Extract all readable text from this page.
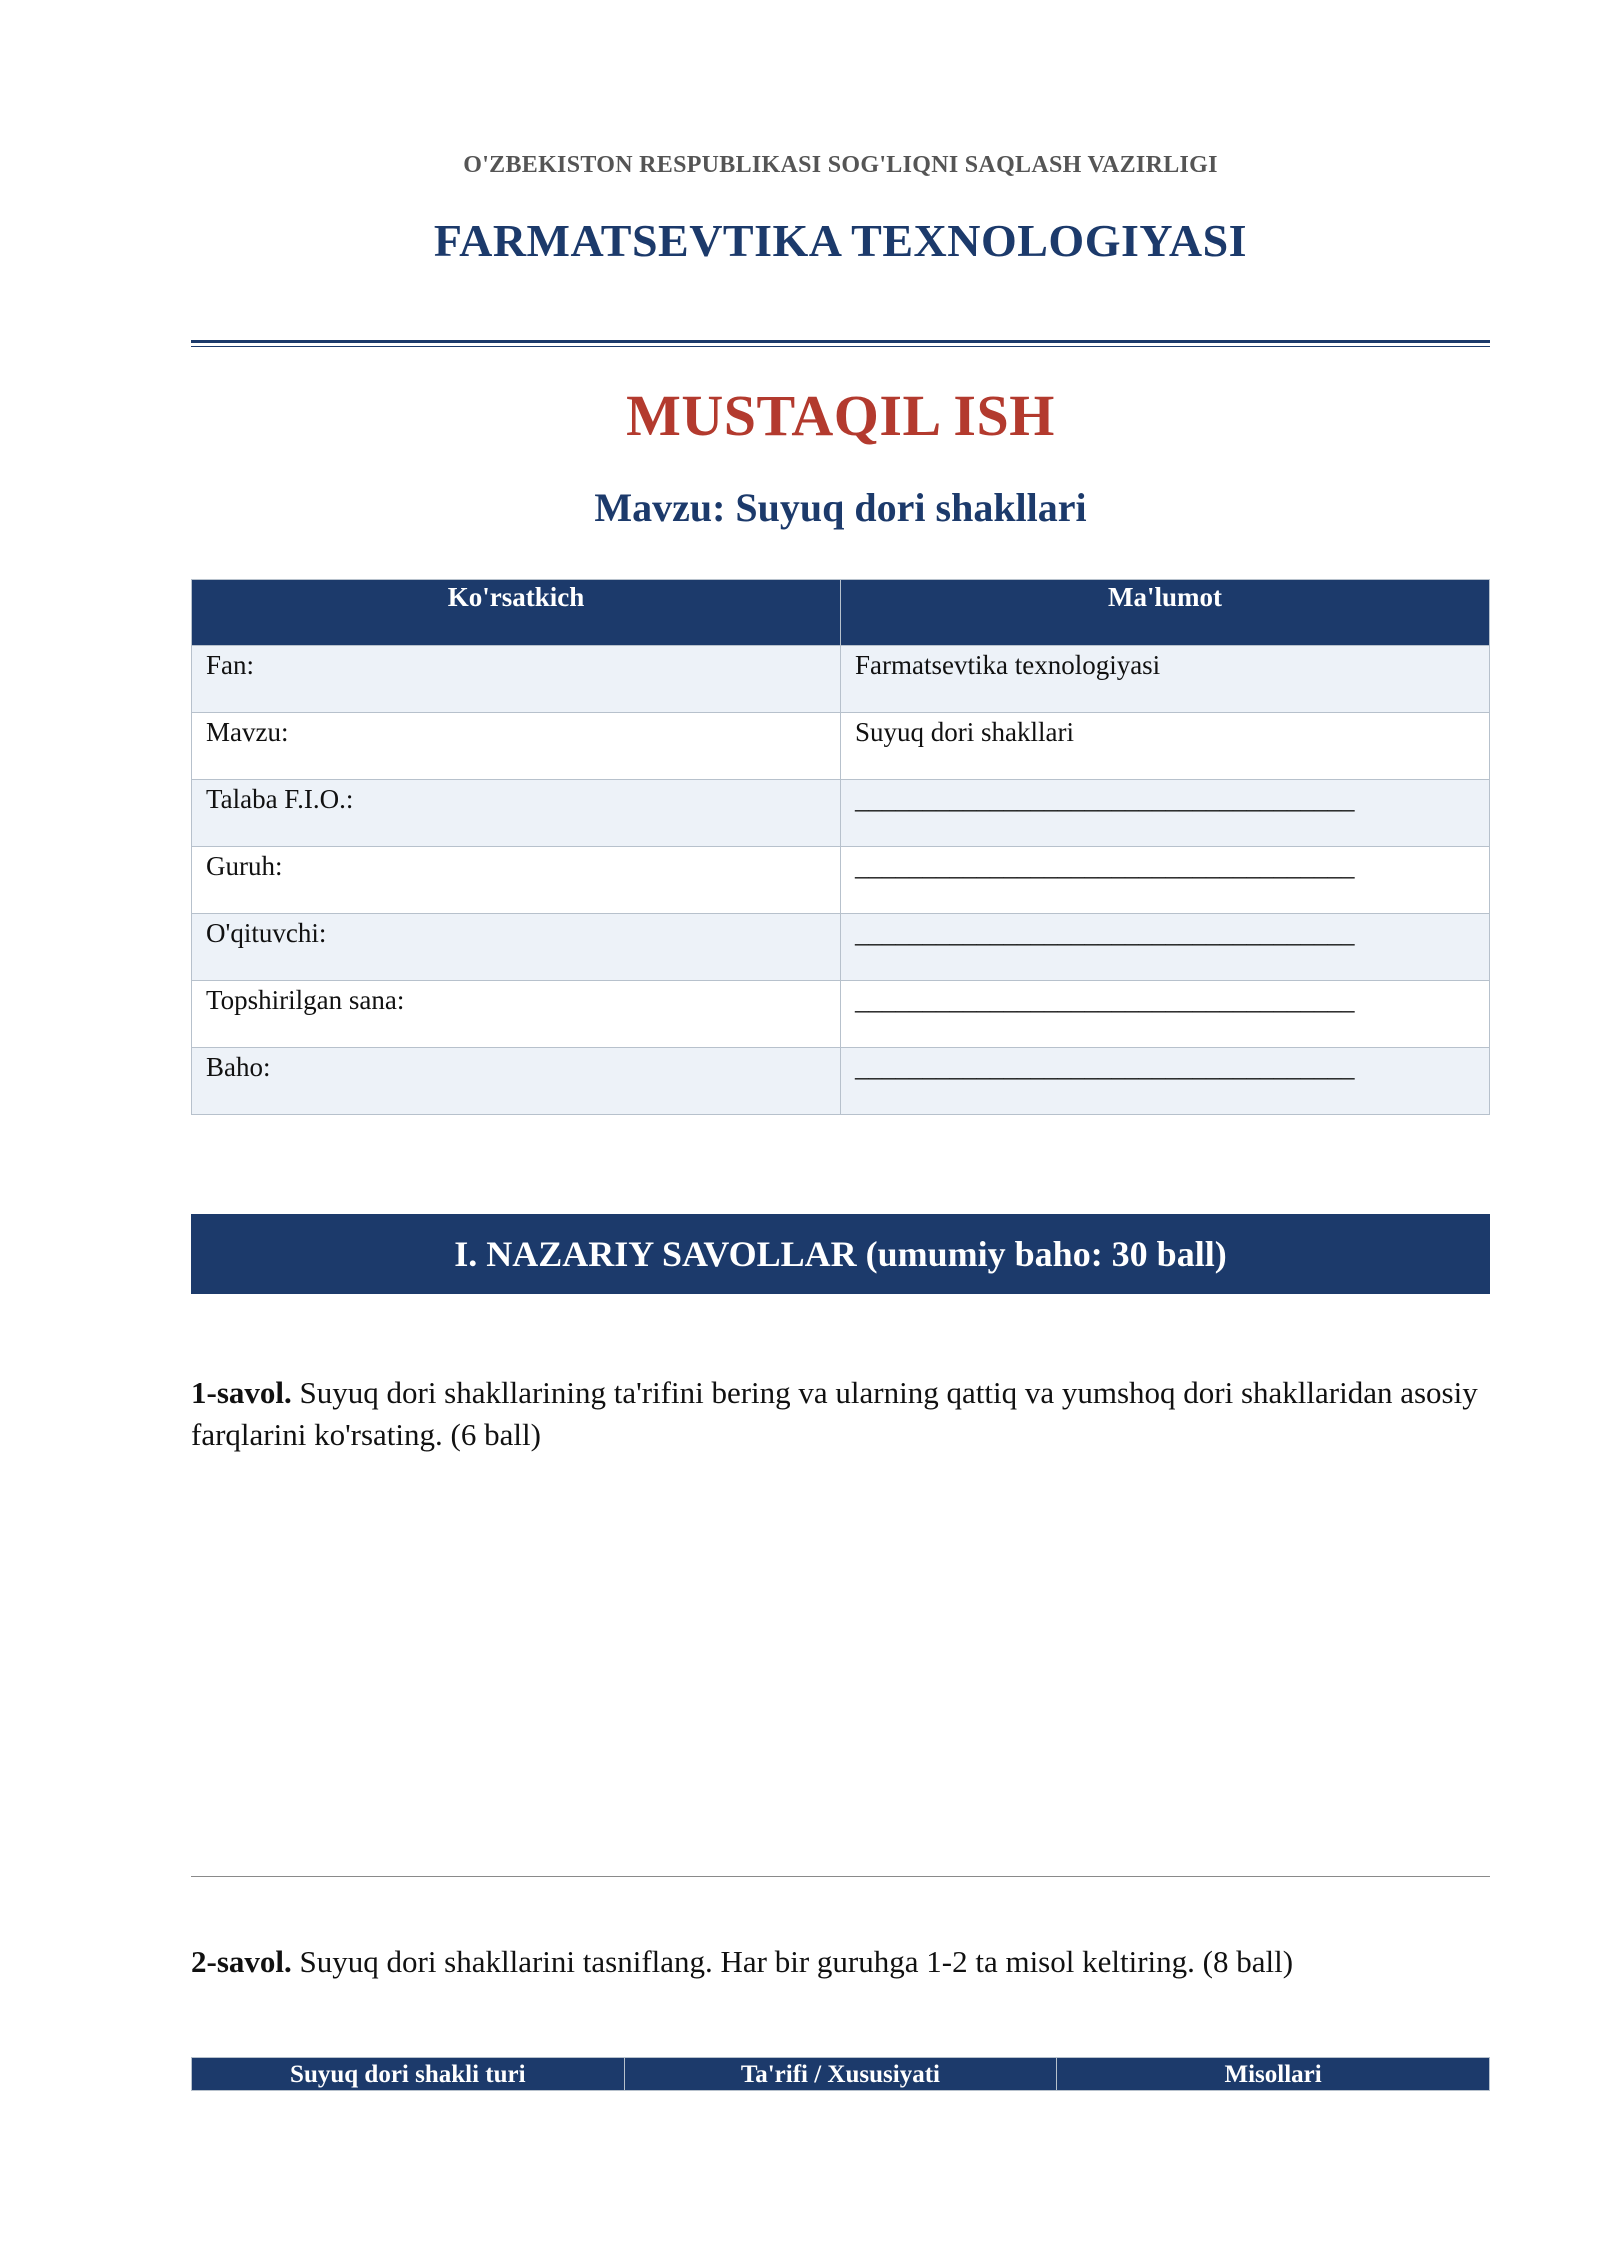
O'ZBEKISTON RESPUBLIKASI SOG'LIQNI SAQLASH VAZIRLIGI
FARMATSEVTIKA TEXNOLOGIYASI
MUSTAQIL ISH
Mavzu: Suyuq dori shakllari
Ko'rsatkich	Ma'lumot
Fan:	Farmatsevtika texnologiyasi
Mavzu:	Suyuq dori shakllari
Talaba F.I.O.:	_____________________________________
Guruh:	_____________________________________
O'qituvchi:	_____________________________________
Topshirilgan sana:	_____________________________________
Baho:	_____________________________________
I. NAZARIY SAVOLLAR (umumiy baho: 30 ball)
1-savol. Suyuq dori shakllarining ta'rifini bering va ularning qattiq va yumshoq dori shakllaridan asosiy farqlarini ko'rsating. (6 ball)
2-savol. Suyuq dori shakllarini tasniflang. Har bir guruhga 1-2 ta misol keltiring. (8 ball)
Suyuq dori shakli turi	Ta'rifi / Xususiyati	Misollari
